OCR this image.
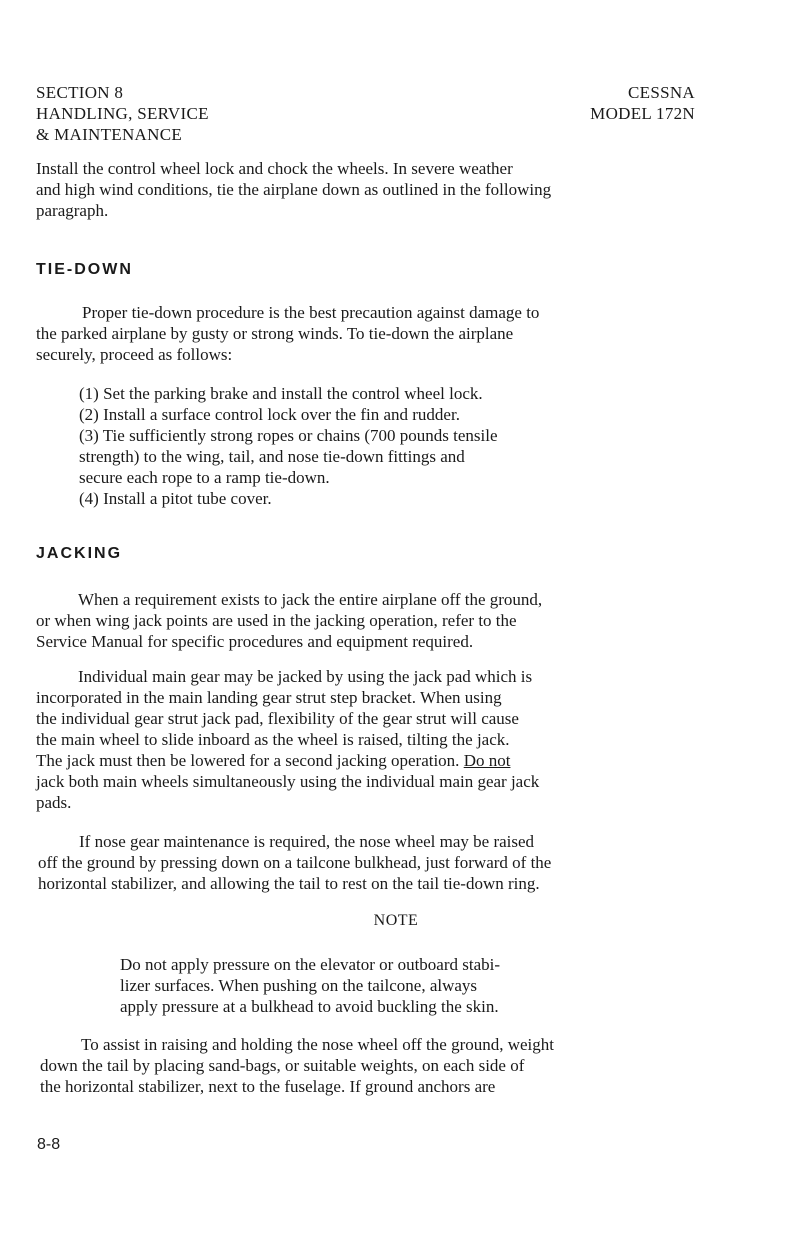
SECTION 8
HANDLING, SERVICE
& MAINTENANCE
CESSNA
MODEL 172N
Install the control wheel lock and chock the wheels. In severe weather
and high wind conditions, tie the airplane down as outlined in the following
paragraph.
TIE-DOWN
Proper tie-down procedure is the best precaution against damage to
the parked airplane by gusty or strong winds. To tie-down the airplane
securely, proceed as follows:
(1) Set the parking brake and install the control wheel lock.
(2) Install a surface control lock over the fin and rudder.
(3) Tie sufficiently strong ropes or chains (700 pounds tensile
strength) to the wing, tail, and nose tie-down fittings and
secure each rope to a ramp tie-down.
(4) Install a pitot tube cover.
JACKING
When a requirement exists to jack the entire airplane off the ground,
or when wing jack points are used in the jacking operation, refer to the
Service Manual for specific procedures and equipment required.
Individual main gear may be jacked by using the jack pad which is
incorporated in the main landing gear strut step bracket. When using
the individual gear strut jack pad, flexibility of the gear strut will cause
the main wheel to slide inboard as the wheel is raised, tilting the jack.
The jack must then be lowered for a second jacking operation. Do not
jack both main wheels simultaneously using the individual main gear jack
pads.
If nose gear maintenance is required, the nose wheel may be raised
off the ground by pressing down on a tailcone bulkhead, just forward of the
horizontal stabilizer, and allowing the tail to rest on the tail tie-down ring.
NOTE
Do not apply pressure on the elevator or outboard stabi-
lizer surfaces. When pushing on the tailcone, always
apply pressure at a bulkhead to avoid buckling the skin.
To assist in raising and holding the nose wheel off the ground, weight
down the tail by placing sand-bags, or suitable weights, on each side of
the horizontal stabilizer, next to the fuselage. If ground anchors are
8-8
